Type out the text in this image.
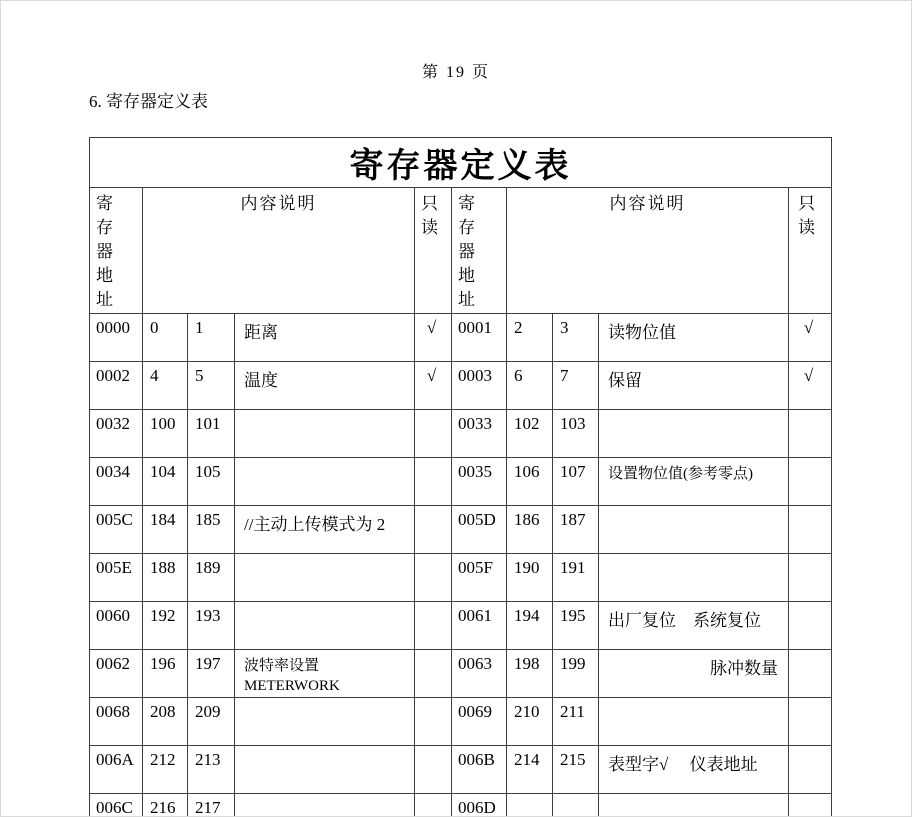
第 19 页
6. 寄存器定义表
寄存器定义表									
寄存器地址	内容说明			只读	寄存器地址	内容说明			只读
0000	0	1	距离	√	0001	2	3	读物位值	√
0002	4	5	温度	√	0003	6	7	保留	√
0032	100	101			0033	102	103		
0034	104	105			0035	106	107	设置物位值(参考零点)	
005C	184	185	//主动上传模式为 2		005D	186	187		
005E	188	189			005F	190	191		
0060	192	193			0061	194	195	出厂复位　系统复位	
0062	196	197	波特率设置 METERWORK		0063	198	199	脉冲数量	
0068	208	209			0069	210	211		
006A	212	213			006B	214	215	表型字√　 仪表地址	
006C	216	217			006D				
